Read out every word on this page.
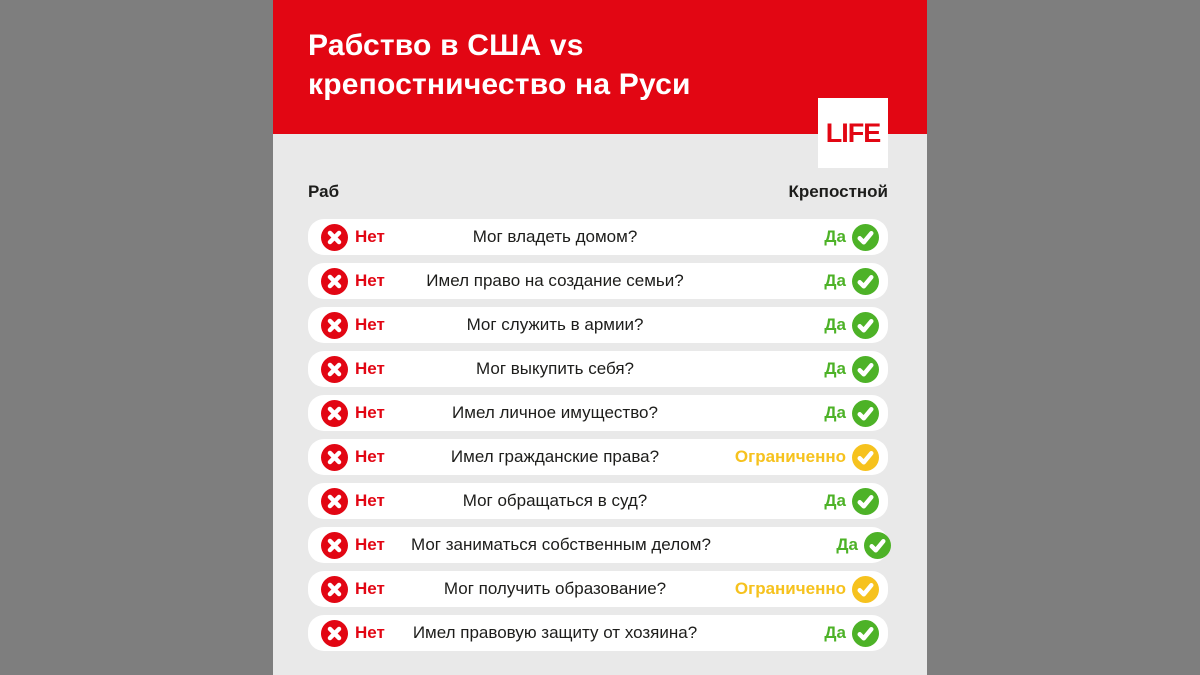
Рабство в США vs
крепостничество на Руси
LIFE
Раб	Крепостной
Нет	Мог владеть домом?	Да
Нет	Имел право на создание семьи?	Да
Нет	Мог служить в армии?	Да
Нет	Мог выкупить себя?	Да
Нет	Имел личное имущество?	Да
Нет	Имел гражданские права?	Ограниченно
Нет	Мог обращаться в суд?	Да
Нет Мог заниматься собственным делом?	Да
Нет	Мог получить образование?	Ограниченно
Нет Имел правовую защиту от хозяина?	Да
